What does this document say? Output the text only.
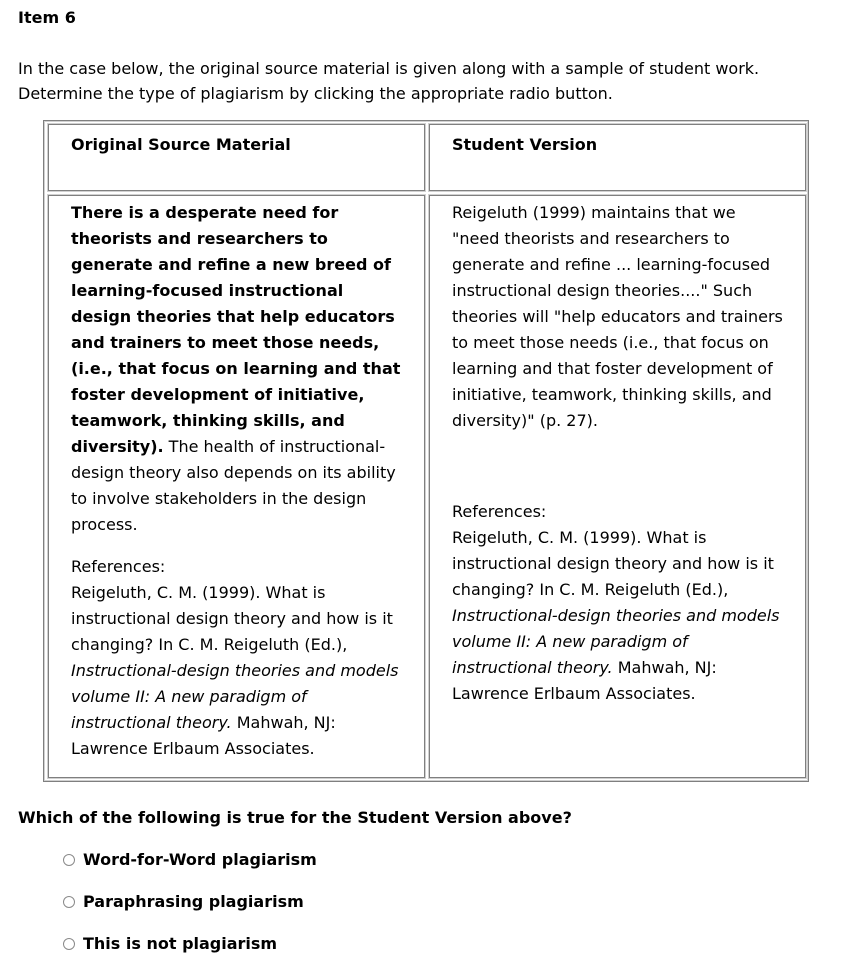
Item 6
In the case below, the original source material is given along with a sample of student work.
Determine the type of plagiarism by clicking the appropriate radio button.
Original Source Material	Student Version
There is a desperate need for theorists and researchers to generate and refine a new breed of learning-focused instructional design theories that help educators and trainers to meet those needs, (i.e., that focus on learning and that foster development of initiative, teamwork, thinking skills, and diversity). The health of instructional-design theory also depends on its ability to involve stakeholders in the design process.
References:
Reigeluth, C. M. (1999). What is instructional design theory and how is it changing? In C. M. Reigeluth (Ed.), Instructional-design theories and models volume II: A new paradigm of instructional theory. Mahwah, NJ: Lawrence Erlbaum Associates.
Reigeluth (1999) maintains that we "need theorists and researchers to generate and refine ... learning-focused instructional design theories...." Such theories will "help educators and trainers to meet those needs (i.e., that focus on learning and that foster development of initiative, teamwork, thinking skills, and diversity)" (p. 27).
References:
Reigeluth, C. M. (1999). What is instructional design theory and how is it changing? In C. M. Reigeluth (Ed.), Instructional-design theories and models volume II: A new paradigm of instructional theory. Mahwah, NJ: Lawrence Erlbaum Associates.
Which of the following is true for the Student Version above?
Word-for-Word plagiarism
Paraphrasing plagiarism
This is not plagiarism
